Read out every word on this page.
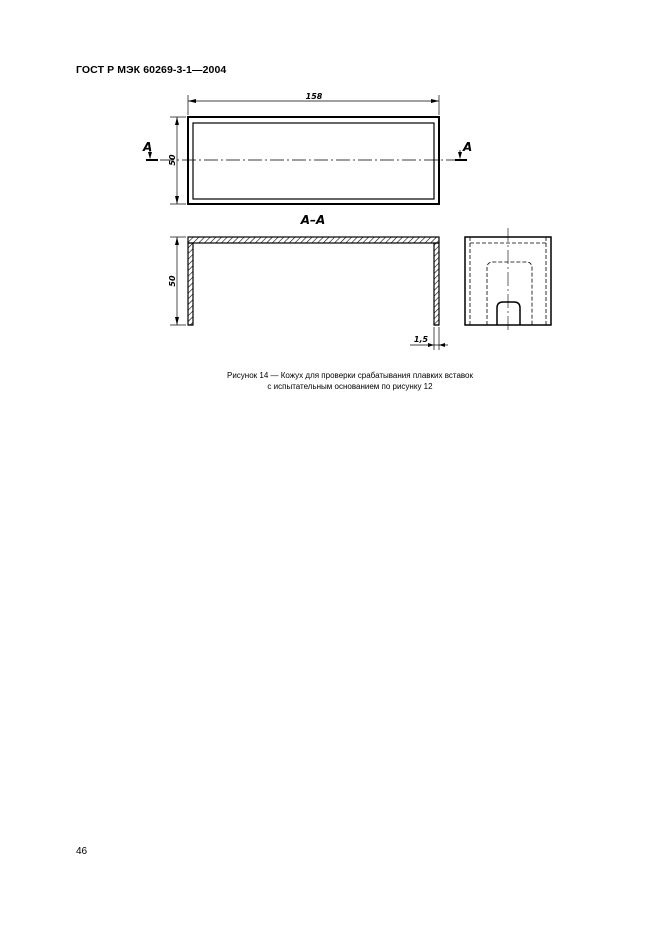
ГОСТ Р МЭК 60269-3-1—2004
158
50
A	A
A–A
50
1,5
Рисунок 14 — Кожух для проверки срабатывания плавких вставок
с испытательным основанием по рисунку 12
46
